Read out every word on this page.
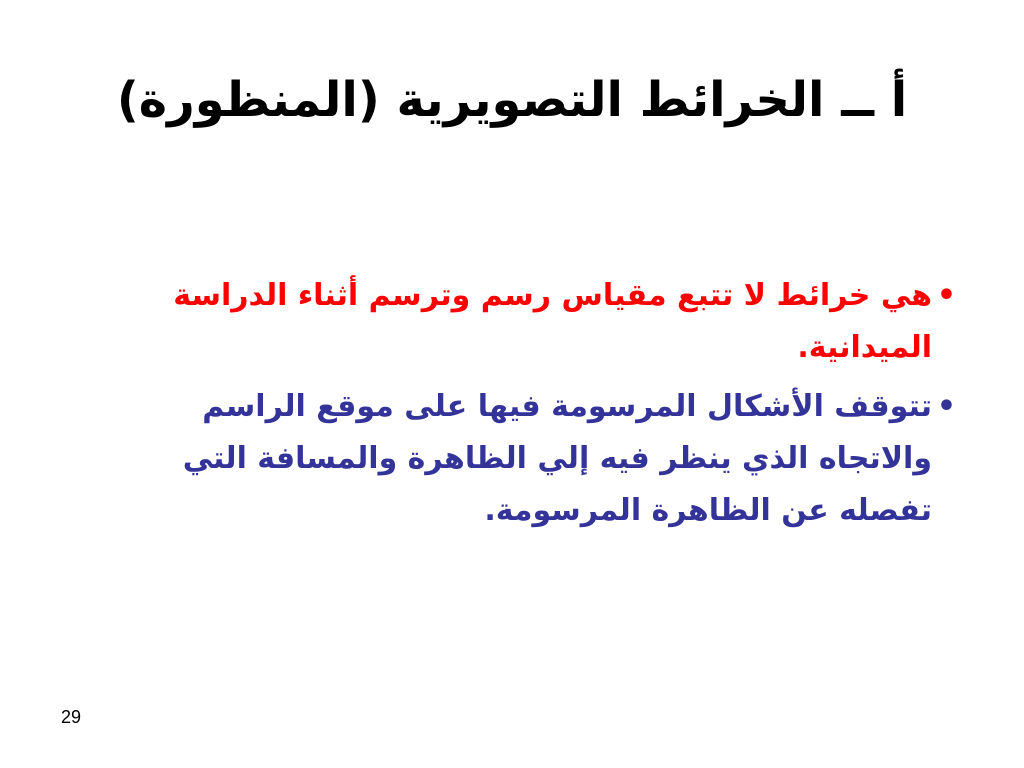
أ ــ الخرائط التصويرية (المنظورة)
•
هي خرائط لا تتبع مقياس رسم وترسم أثناء الدراسة الميدانية.
•
تتوقف الأشكال المرسومة فيها على موقع الراسم والاتجاه الذي ينظر فيه إلي الظاهرة والمسافة التي تفصله عن الظاهرة المرسومة.
29
